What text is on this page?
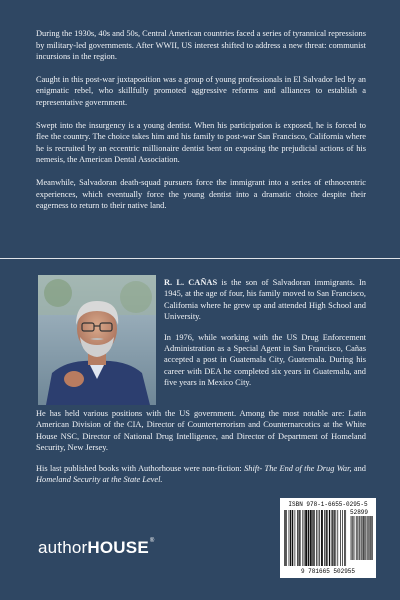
During the 1930s, 40s and 50s, Central American countries faced a series of tyrannical repressions by military-led governments. After WWII, US interest shifted to address a new threat: communist incursions in the region.

Caught in this post-war juxtaposition was a group of young professionals in El Salvador led by an enigmatic rebel, who skillfully promoted aggressive reforms and alliances to establish a representative government.

Swept into the insurgency is a young dentist. When his participation is exposed, he is forced to flee the country. The choice takes him and his family to post-war San Francisco, California where he is recruited by an eccentric millionaire dentist bent on exposing the prejudicial actions of his nemesis, the American Dental Association.

Meanwhile, Salvadoran death-squad pursuers force the immigrant into a series of ethnocentric experiences, which eventually force the young dentist into a dramatic choice despite their eagerness to return to their native land.

R. L. CAÑAS is the son of Salvadoran immigrants. In 1945, at the age of four, his family moved to San Francisco, California where he grew up and attended High School and University.

In 1976, while working with the US Drug Enforcement Administration as a Special Agent in San Francisco, Cañas accepted a post in Guatemala City, Guatemala. During his career with DEA he completed six years in Guatemala, and five years in Mexico City.

He has held various positions with the US government. Among the most notable are: Latin American Division of the CIA, Director of Counterterrorism and Counternarcotics at the White House NSC, Director of National Drug Intelligence, and Director of Department of Homeland Security, New Jersey.

His last published books with Authorhouse were non-fiction: Shift- The End of the Drug War, and Homeland Security at the State Level.

authorHOUSE®
ISBN 978-1-6655-0295-5
52899
9 781665 502955
